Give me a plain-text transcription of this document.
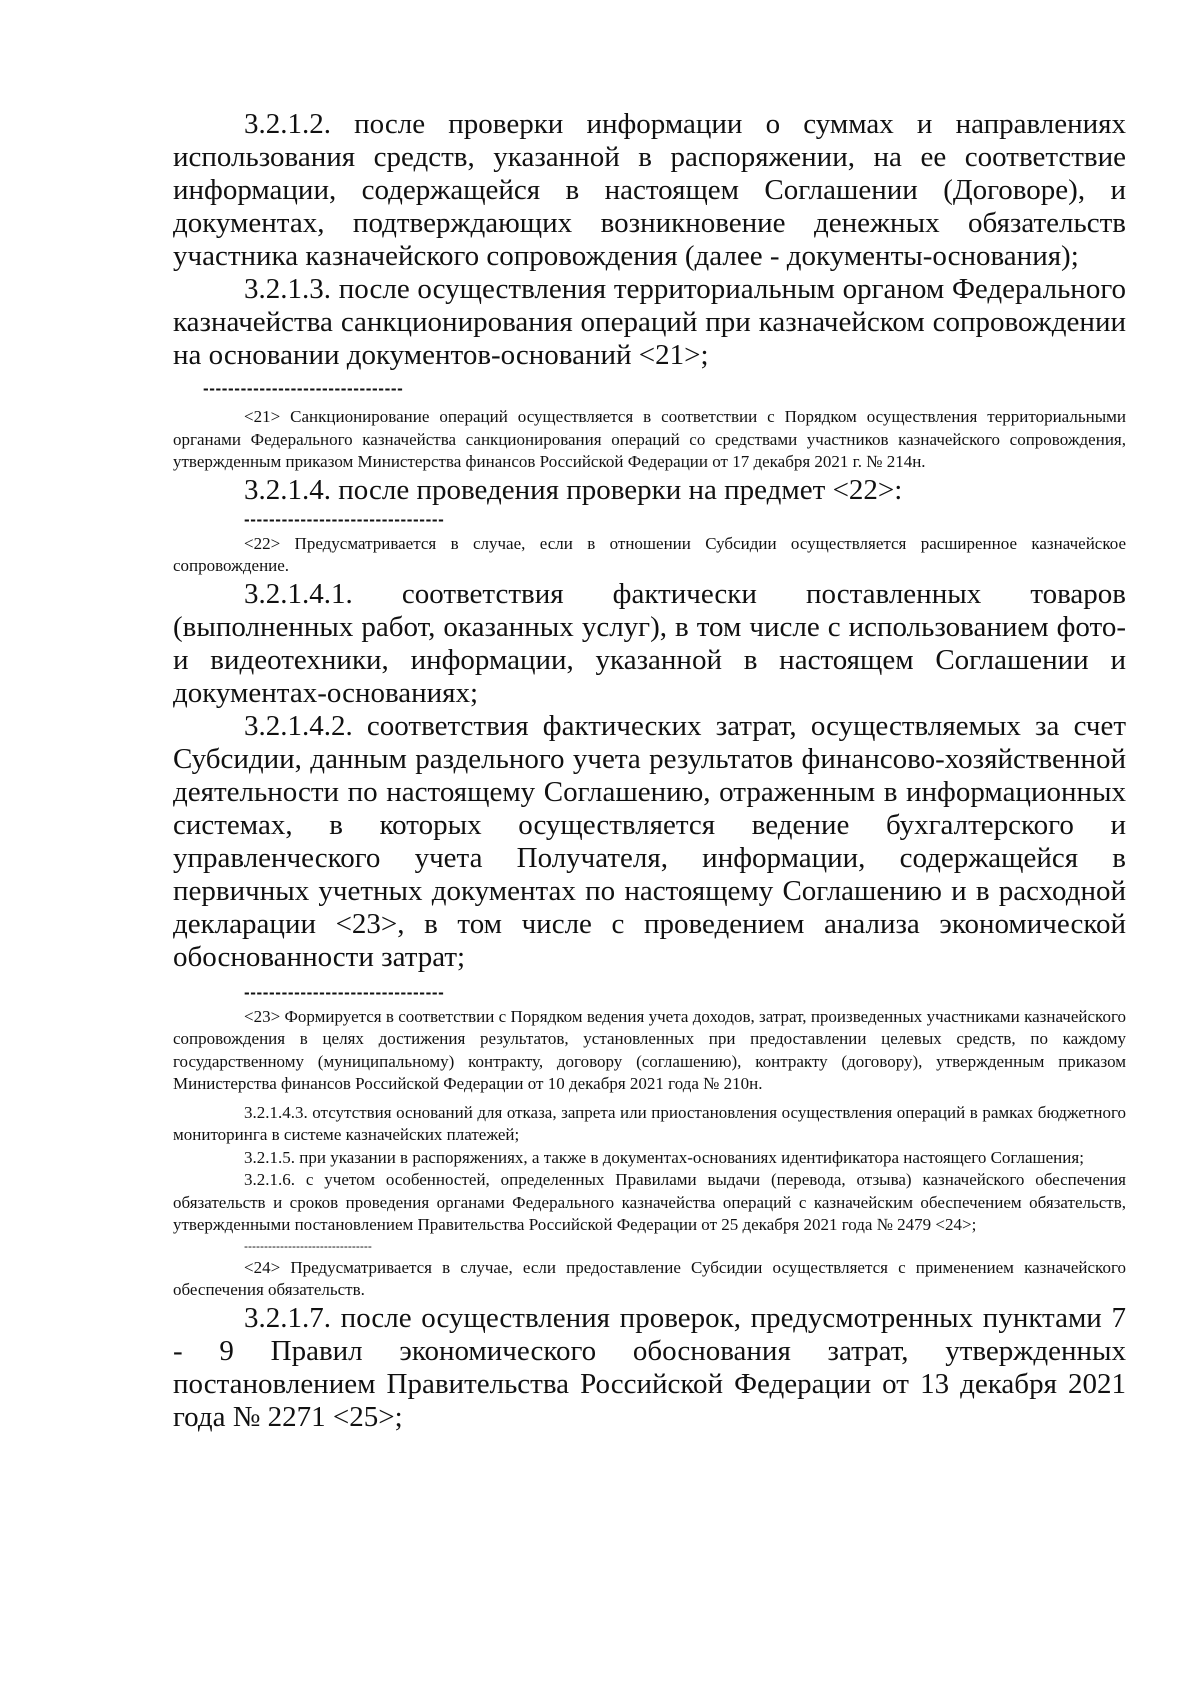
3.2.1.2. после проверки информации о суммах и направлениях использования средств, указанной в распоряжении, на ее соответствие информации, содержащейся в настоящем Соглашении (Договоре), и документах, подтверждающих возникновение денежных обязательств участника казначейского сопровождения (далее - документы-основания);

3.2.1.3. после осуществления территориальным органом Федерального казначейства санкционирования операций при казначейском сопровождении на основании документов-оснований <21>;

--------------------------------

<21> Санкционирование операций осуществляется в соответствии с Порядком осуществления территориальными органами Федерального казначейства санкционирования операций со средствами участников казначейского сопровождения, утвержденным приказом Министерства финансов Российской Федерации от 17 декабря 2021 г. № 214н.

3.2.1.4. после проведения проверки на предмет <22>:

--------------------------------

<22> Предусматривается в случае, если в отношении Субсидии осуществляется расширенное казначейское сопровождение.

3.2.1.4.1. соответствия фактически поставленных товаров (выполненных работ, оказанных услуг), в том числе с использованием фото- и видеотехники, информации, указанной в настоящем Соглашении и документах-основаниях;

3.2.1.4.2. соответствия фактических затрат, осуществляемых за счет Субсидии, данным раздельного учета результатов финансово-хозяйственной деятельности по настоящему Соглашению, отраженным в информационных системах, в которых осуществляется ведение бухгалтерского и управленческого учета Получателя, информации, содержащейся в первичных учетных документах по настоящему Соглашению и в расходной декларации <23>, в том числе с проведением анализа экономической обоснованности затрат;

--------------------------------

<23> Формируется в соответствии с Порядком ведения учета доходов, затрат, произведенных участниками казначейского сопровождения в целях достижения результатов, установленных при предоставлении целевых средств, по каждому государственному (муниципальному) контракту, договору (соглашению), контракту (договору), утвержденным приказом Министерства финансов Российской Федерации от 10 декабря 2021 года № 210н.

3.2.1.4.3. отсутствия оснований для отказа, запрета или приостановления осуществления операций в рамках бюджетного мониторинга в системе казначейских платежей;

3.2.1.5. при указании в распоряжениях, а также в документах-основаниях идентификатора настоящего Соглашения;

3.2.1.6. с учетом особенностей, определенных Правилами выдачи (перевода, отзыва) казначейского обеспечения обязательств и сроков проведения органами Федерального казначейства операций с казначейским обеспечением обязательств, утвержденными постановлением Правительства Российской Федерации от 25 декабря 2021 года № 2479 <24>;

--------------------------------

<24> Предусматривается в случае, если предоставление Субсидии осуществляется с применением казначейского обеспечения обязательств.

3.2.1.7. после осуществления проверок, предусмотренных пунктами 7 - 9 Правил экономического обоснования затрат, утвержденных постановлением Правительства Российской Федерации от 13 декабря 2021 года № 2271 <25>;
